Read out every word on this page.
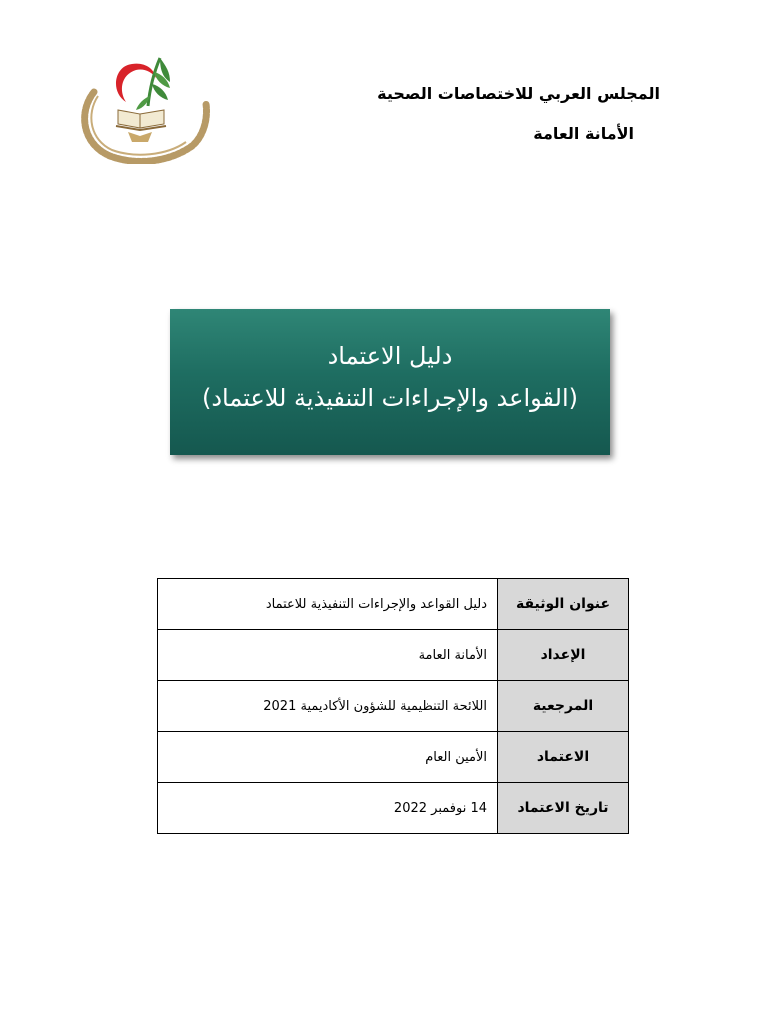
المجلس العربي للاختصاصات الصحية
الأمانة العامة
دليل الاعتماد
(القواعد والإجراءات التنفيذية للاعتماد)
عنوان الوثيقة	دليل القواعد والإجراءات التنفيذية للاعتماد
الإعداد	الأمانة العامة
المرجعية	اللائحة التنظيمية للشؤون الأكاديمية 2021
الاعتماد	الأمين العام
تاريخ الاعتماد	14 نوفمبر 2022
